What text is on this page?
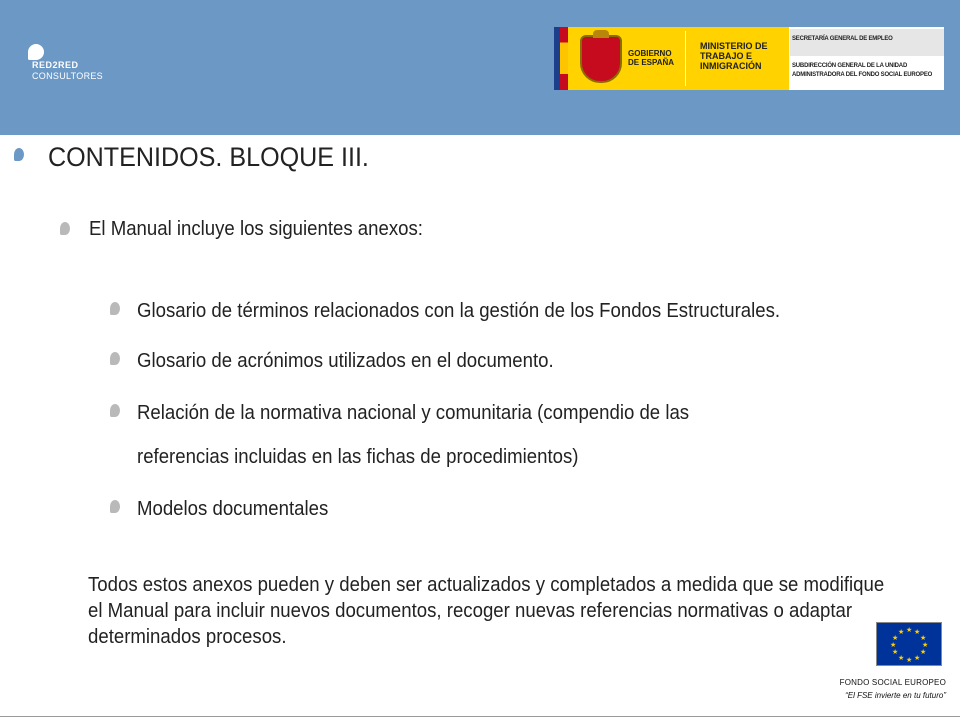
RED2RED
CONSULTORES
GOBIERNO DE ESPAÑA
MINISTERIO DE TRABAJO E INMIGRACIÓN
SECRETARÍA GENERAL DE EMPLEO
SUBDIRECCIÓN GENERAL DE LA UNIDAD ADMINISTRADORA DEL FONDO SOCIAL EUROPEO
CONTENIDOS. BLOQUE III.
El Manual incluye los siguientes anexos:
Glosario de términos relacionados con la gestión de los Fondos Estructurales.
Glosario de acrónimos utilizados en el documento.
Relación de la normativa nacional y comunitaria (compendio de las
referencias incluidas en las fichas de procedimientos)
Modelos documentales
Todos estos anexos pueden y deben ser actualizados y completados a medida que se modifique el Manual para incluir nuevos documentos, recoger nuevas referencias normativas o adaptar determinados procesos.	★ ★
★
★
★
★
★
★
★
★
★
★
FONDO SOCIAL EUROPEO
“El FSE invierte en tu futuro”
